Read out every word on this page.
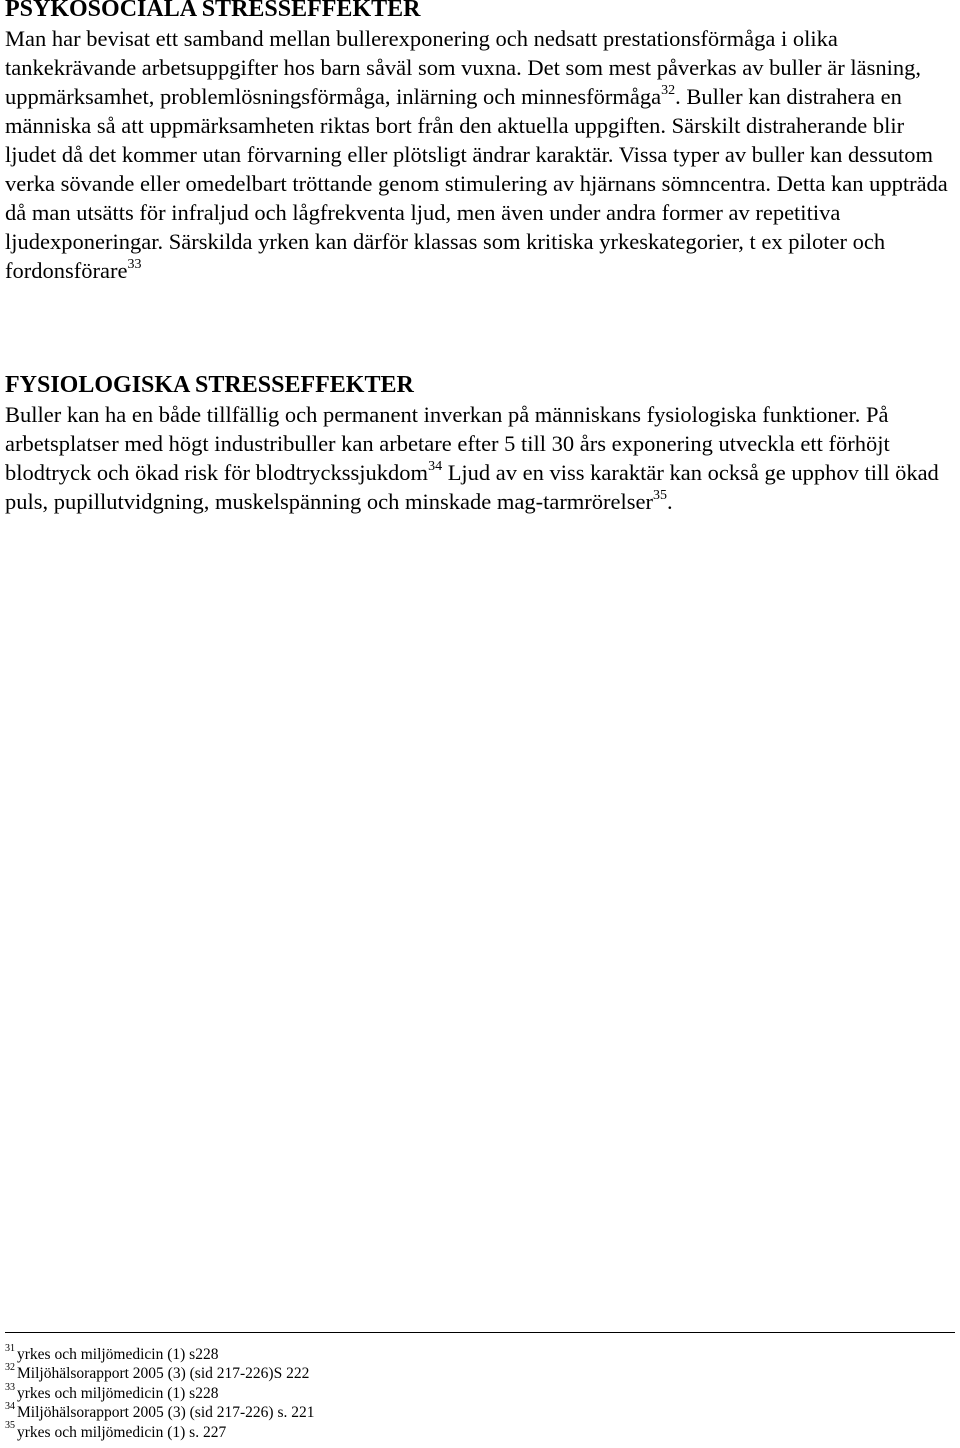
PSYKOSOCIALA STRESSEFFEKTER

Man har bevisat ett samband mellan bullerexponering och nedsatt prestationsförmåga i olika tankekrävande arbetsuppgifter hos barn såväl som vuxna. Det som mest påverkas av buller är läsning, uppmärksamhet, problemlösningsförmåga, inlärning och minnesförmåga$^{32}$. Buller kan distrahera en människa så att uppmärksamheten riktas bort från den aktuella uppgiften. Särskilt distraherande blir ljudet då det kommer utan förvarning eller plötsligt ändrar karaktär. Vissa typer av buller kan dessutom verka sövande eller omedelbart tröttande genom stimulering av hjärnans sömncentra. Detta kan uppträda då man utsätts för infraljud och lågfrekventa ljud, men även under andra former av repetitiva ljudexponeringar. Särskilda yrken kan därför klassas som kritiska yrkeskategorier, t ex piloter och fordonsförare$^{33}$

FYSIOLOGISKA STRESSEFFEKTER

Buller kan ha en både tillfällig och permanent inverkan på människans fysiologiska funktioner. På arbetsplatser med högt industribuller kan arbetare efter 5 till 30 års exponering utveckla ett förhöjt blodtryck och ökad risk för blodtryckssjukdom$^{34}$ Ljud av en viss karaktär kan också ge upphov till ökad puls, pupillutvidgning, muskelspänning och minskade mag-tarmrörelser$^{35}$.

$^{31}$ yrkes och miljömedicin (1) s228

$^{32}$ Miljöhälsorapport 2005 (3) (sid 217-226)S 222

$^{33}$ yrkes och miljömedicin (1) s228

$^{34}$ Miljöhälsorapport 2005 (3) (sid 217-226) s. 221

$^{35}$ yrkes och miljömedicin (1) s. 227
